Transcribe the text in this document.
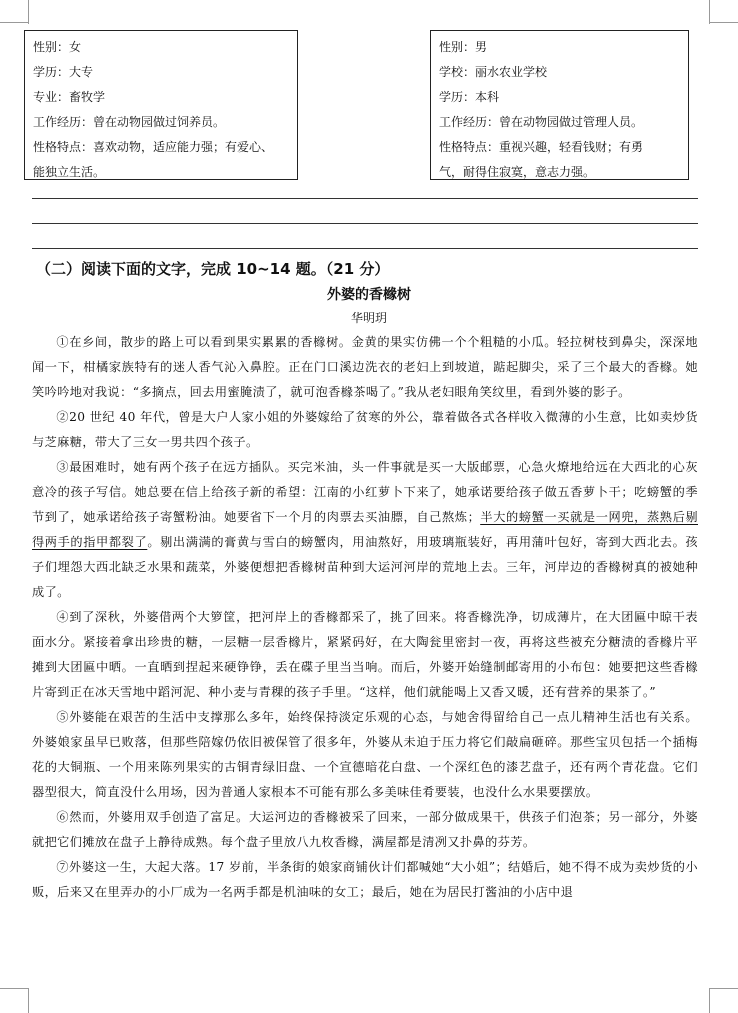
性别：女

学历：大专

专业：畜牧学

工作经历：曾在动物园做过饲养员。

性格特点：喜欢动物，适应能力强；有爱心、

能独立生活。

性别：男

学校：丽水农业学校

学历：本科

工作经历：曾在动物园做过管理人员。

性格特点：重视兴趣，轻看钱财；有勇

气，耐得住寂寞，意志力强。

（二）阅读下面的文字，完成 10~14 题。（21 分）
外婆的香橼树
华明玥

①在乡间，散步的路上可以看到果实累累的香橼树。金黄的果实仿佛一个个粗糙的小瓜。轻拉树枝到鼻尖，深深地闻一下，柑橘家族特有的迷人香气沁入鼻腔。正在门口溪边洗衣的老妇上到坡道，踮起脚尖，采了三个最大的香橼。她笑吟吟地对我说：“多摘点，回去用蜜腌渍了，就可泡香橼茶喝了。”我从老妇眼角笑纹里，看到外婆的影子。

②20 世纪 40 年代，曾是大户人家小姐的外婆嫁给了贫寒的外公，靠着做各式各样收入微薄的小生意，比如卖炒货与芝麻糖，带大了三女一男共四个孩子。

③最困难时，她有两个孩子在远方插队。买完米油，头一件事就是买一大版邮票，心急火燎地给远在大西北的心灰意冷的孩子写信。她总要在信上给孩子新的希望：江南的小红萝卜下来了，她承诺要给孩子做五香萝卜干；吃螃蟹的季节到了，她承诺给孩子寄蟹粉油。她要省下一个月的肉票去买油膘，自己熬炼；半大的螃蟹一买就是一网兜，蒸熟后剔得两手的指甲都裂了。剔出满满的膏黄与雪白的螃蟹肉，用油熬好，用玻璃瓶装好，再用蒲叶包好，寄到大西北去。孩子们埋怨大西北缺乏水果和蔬菜，外婆便想把香橼树苗种到大运河河岸的荒地上去。三年，河岸边的香橼树真的被她种成了。

④到了深秋，外婆借两个大箩筐，把河岸上的香橼都采了，挑了回来。将香橼洗净，切成薄片，在大团匾中晾干表面水分。紧接着拿出珍贵的糖，一层糖一层香橼片，紧紧码好，在大陶瓮里密封一夜，再将这些被充分糖渍的香橼片平摊到大团匾中晒。一直晒到捏起来硬铮铮，丢在碟子里当当响。而后，外婆开始缝制邮寄用的小布包：她要把这些香橼片寄到正在冰天雪地中蹈河泥、种小麦与青稞的孩子手里。“这样，他们就能喝上又香又暖，还有营养的果茶了。”

⑤外婆能在艰苦的生活中支撑那么多年，始终保持淡定乐观的心态，与她舍得留给自己一点儿精神生活也有关系。外婆娘家虽早已败落，但那些陪嫁仍依旧被保管了很多年，外婆从未迫于压力将它们敲扁砸碎。那些宝贝包括一个插梅花的大铜瓶、一个用来陈列果实的古铜青绿旧盘、一个宣德暗花白盘、一个深红色的漆艺盘子，还有两个青花盘。它们器型很大，简直没什么用场，因为普通人家根本不可能有那么多美味佳肴要装，也没什么水果要摆放。

⑥然而，外婆用双手创造了富足。大运河边的香橼被采了回来，一部分做成果干，供孩子们泡茶；另一部分，外婆就把它们摊放在盘子上静待成熟。每个盘子里放八九枚香橼，满屋都是清冽又扑鼻的芬芳。

⑦外婆这一生，大起大落。17 岁前，半条街的娘家商铺伙计们都喊她“大小姐”；结婚后，她不得不成为卖炒货的小贩，后来又在里弄办的小厂成为一名两手都是机油味的女工；最后，她在为居民打酱油的小店中退
